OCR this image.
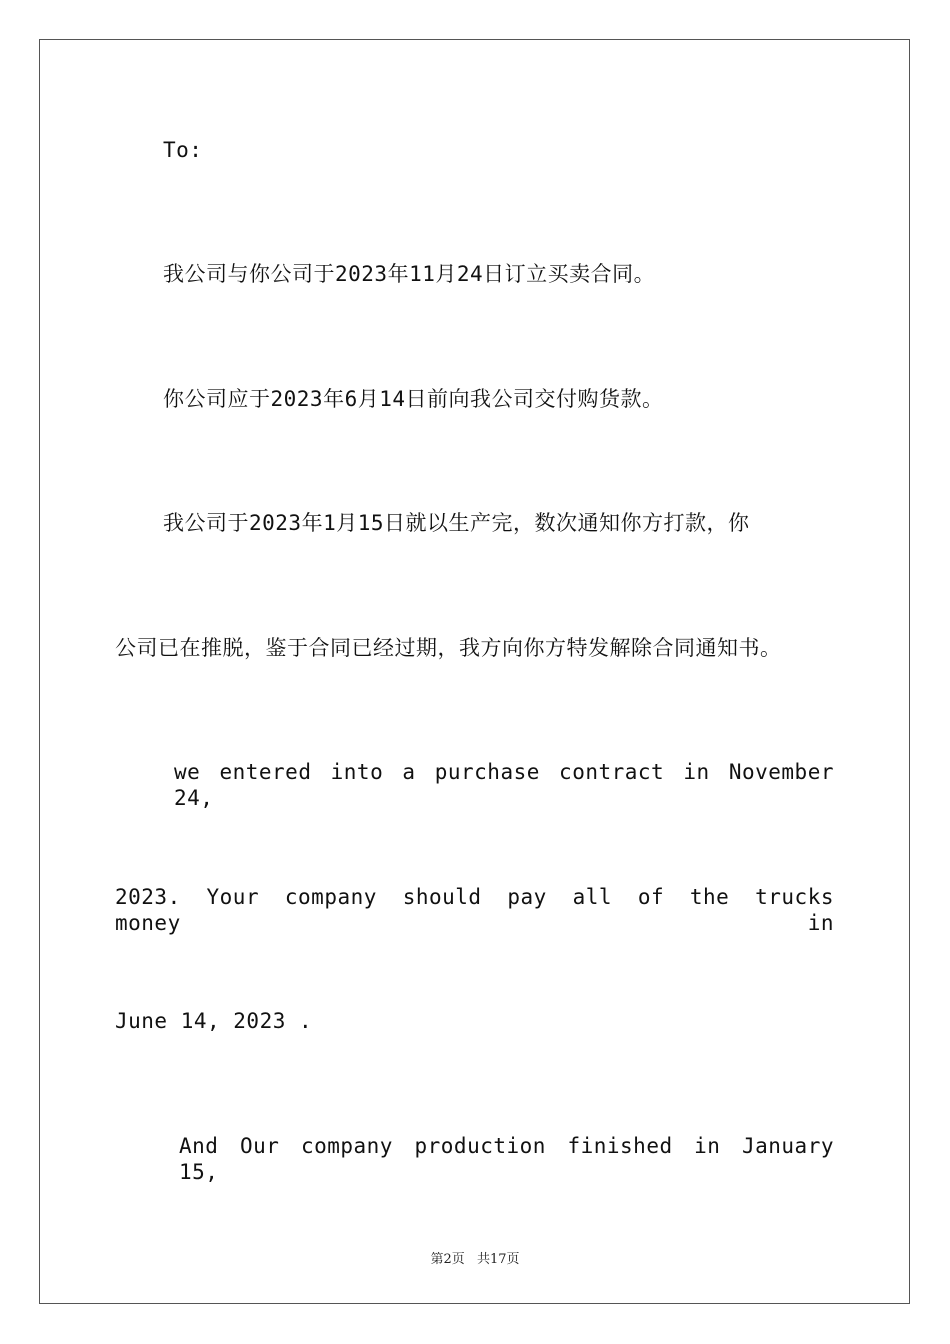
To:
我公司与你公司于2023年11月24日订立买卖合同。
你公司应于2023年6月14日前向我公司交付购货款。
我公司于2023年1月15日就以生产完，数次通知你方打款，你
公司已在推脱，鉴于合同已经过期，我方向你方特发解除合同通知书。
we entered into a purchase contract in November 24,
2023. Your company should pay all of the trucks money in
June 14, 2023 .
And Our company production finished in January 15,
第2页 共17页
